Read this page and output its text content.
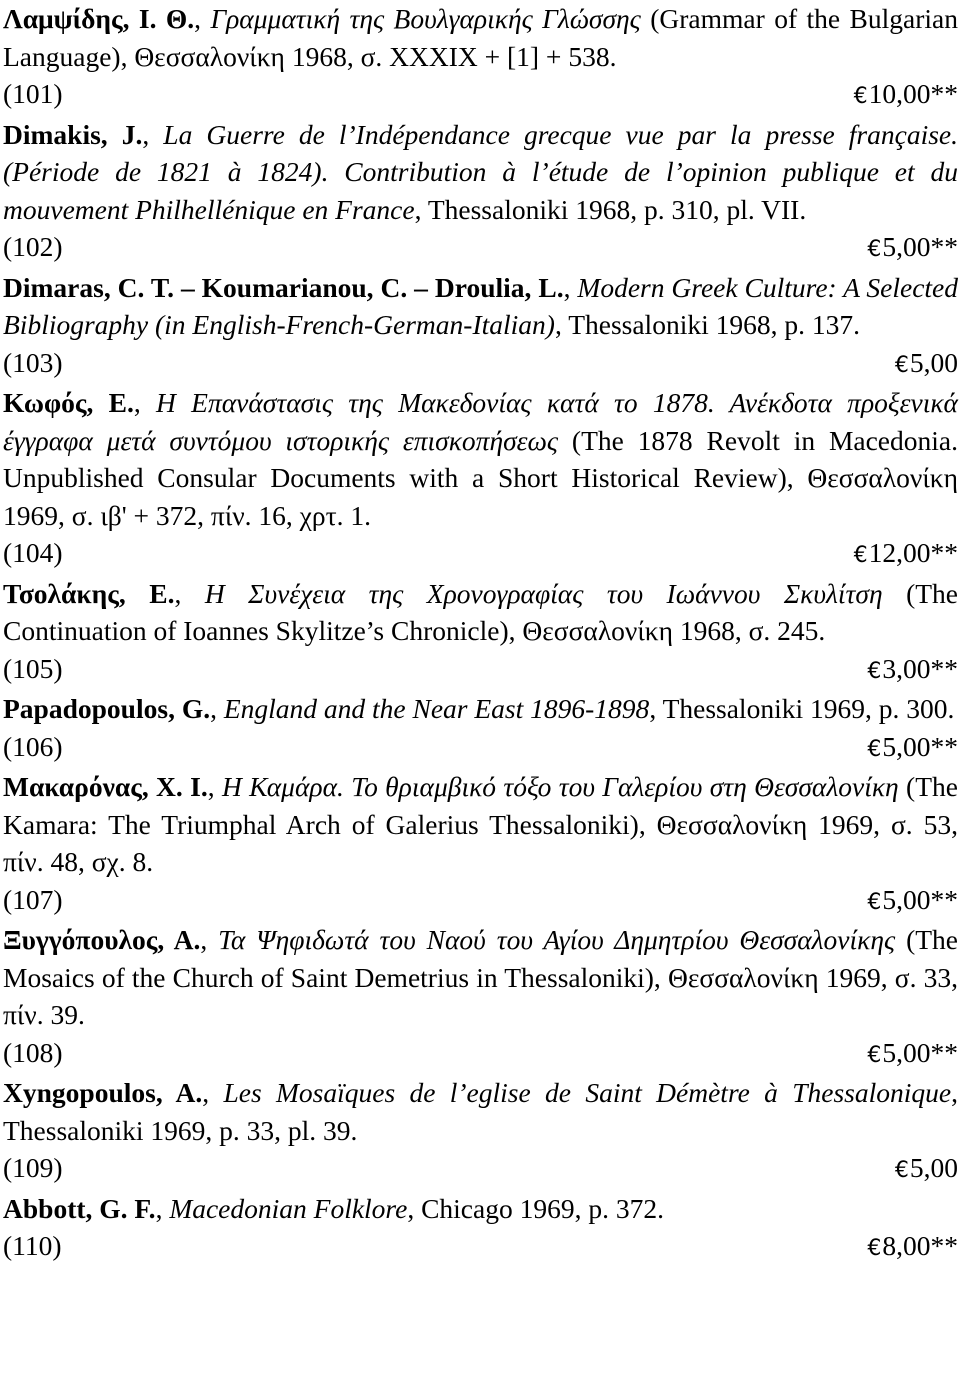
Λαμψίδης, Ι. Θ., Γραμματική της Βουλγαρικής Γλώσσης (Grammar of the Bulgarian Language), Θεσσαλονίκη 1968, σ. XXXIX + [1] + 538.

(101)	€ 10,00**

Dimakis, J., La Guerre de l’Indépendance grecque vue par la presse française. (Période de 1821 à 1824). Contribution à l’étude de l’opinion publique et du mouvement Philhellénique en France, Thessaloniki 1968, p. 310, pl. VII.

(102)	€ 5,00**

Dimaras, C. T. ‒ Koumarianou, C. ‒ Droulia, L., Modern Greek Culture: A Selected Bibliography (in English-French-German-Italian), Thessaloniki 1968, p. 137.

(103)	€ 5,00

Κωφός, Ε., Η Επανάστασις της Μακεδονίας κατά το 1878. Ανέκδοτα προξενικά έγγραφα μετά συντόμου ιστορικής επισκοπήσεως (The 1878 Revolt in Macedonia. Unpublished Consular Documents with a Short Historical Review), Θεσσαλονίκη 1969, σ. ιβ' + 372, πίν. 16, χρτ. 1.

(104)	€ 12,00**

Τσολάκης, Ε., Η Συνέχεια της Χρονογραφίας του Ιωάννου Σκυλίτση (The Continuation of Ioannes Skylitze’s Chronicle), Θεσσαλονίκη 1968, σ. 245.

(105)	€ 3,00**

Papadopoulos, G., England and the Near East 1896-1898, Thessaloniki 1969, p. 300.

(106)	€ 5,00**

Μακαρόνας, Χ. Ι., Η Καμάρα. Το θριαμβικό τόξο του Γαλερίου στη Θεσσαλονίκη (The Kamara: The Triumphal Arch of Galerius Thessaloniki), Θεσσαλονίκη 1969, σ. 53, πίν. 48, σχ. 8.

(107)	€ 5,00**

Ξυγγόπουλος, Α., Τα Ψηφιδωτά του Ναού του Αγίου Δημητρίου Θεσσαλονίκης (The Mosaics of the Church of Saint Demetrius in Thessaloniki), Θεσσαλονίκη 1969, σ. 33, πίν. 39.

(108)	€ 5,00**

Xyngopoulos, A., Les Mosaïques de l’eglise de Saint Démètre à Thessalonique, Thessaloniki 1969, p. 33, pl. 39.

(109)	€ 5,00

Abbott, G. F., Macedonian Folklore, Chicago 1969, p. 372.

(110)	€ 8,00**
